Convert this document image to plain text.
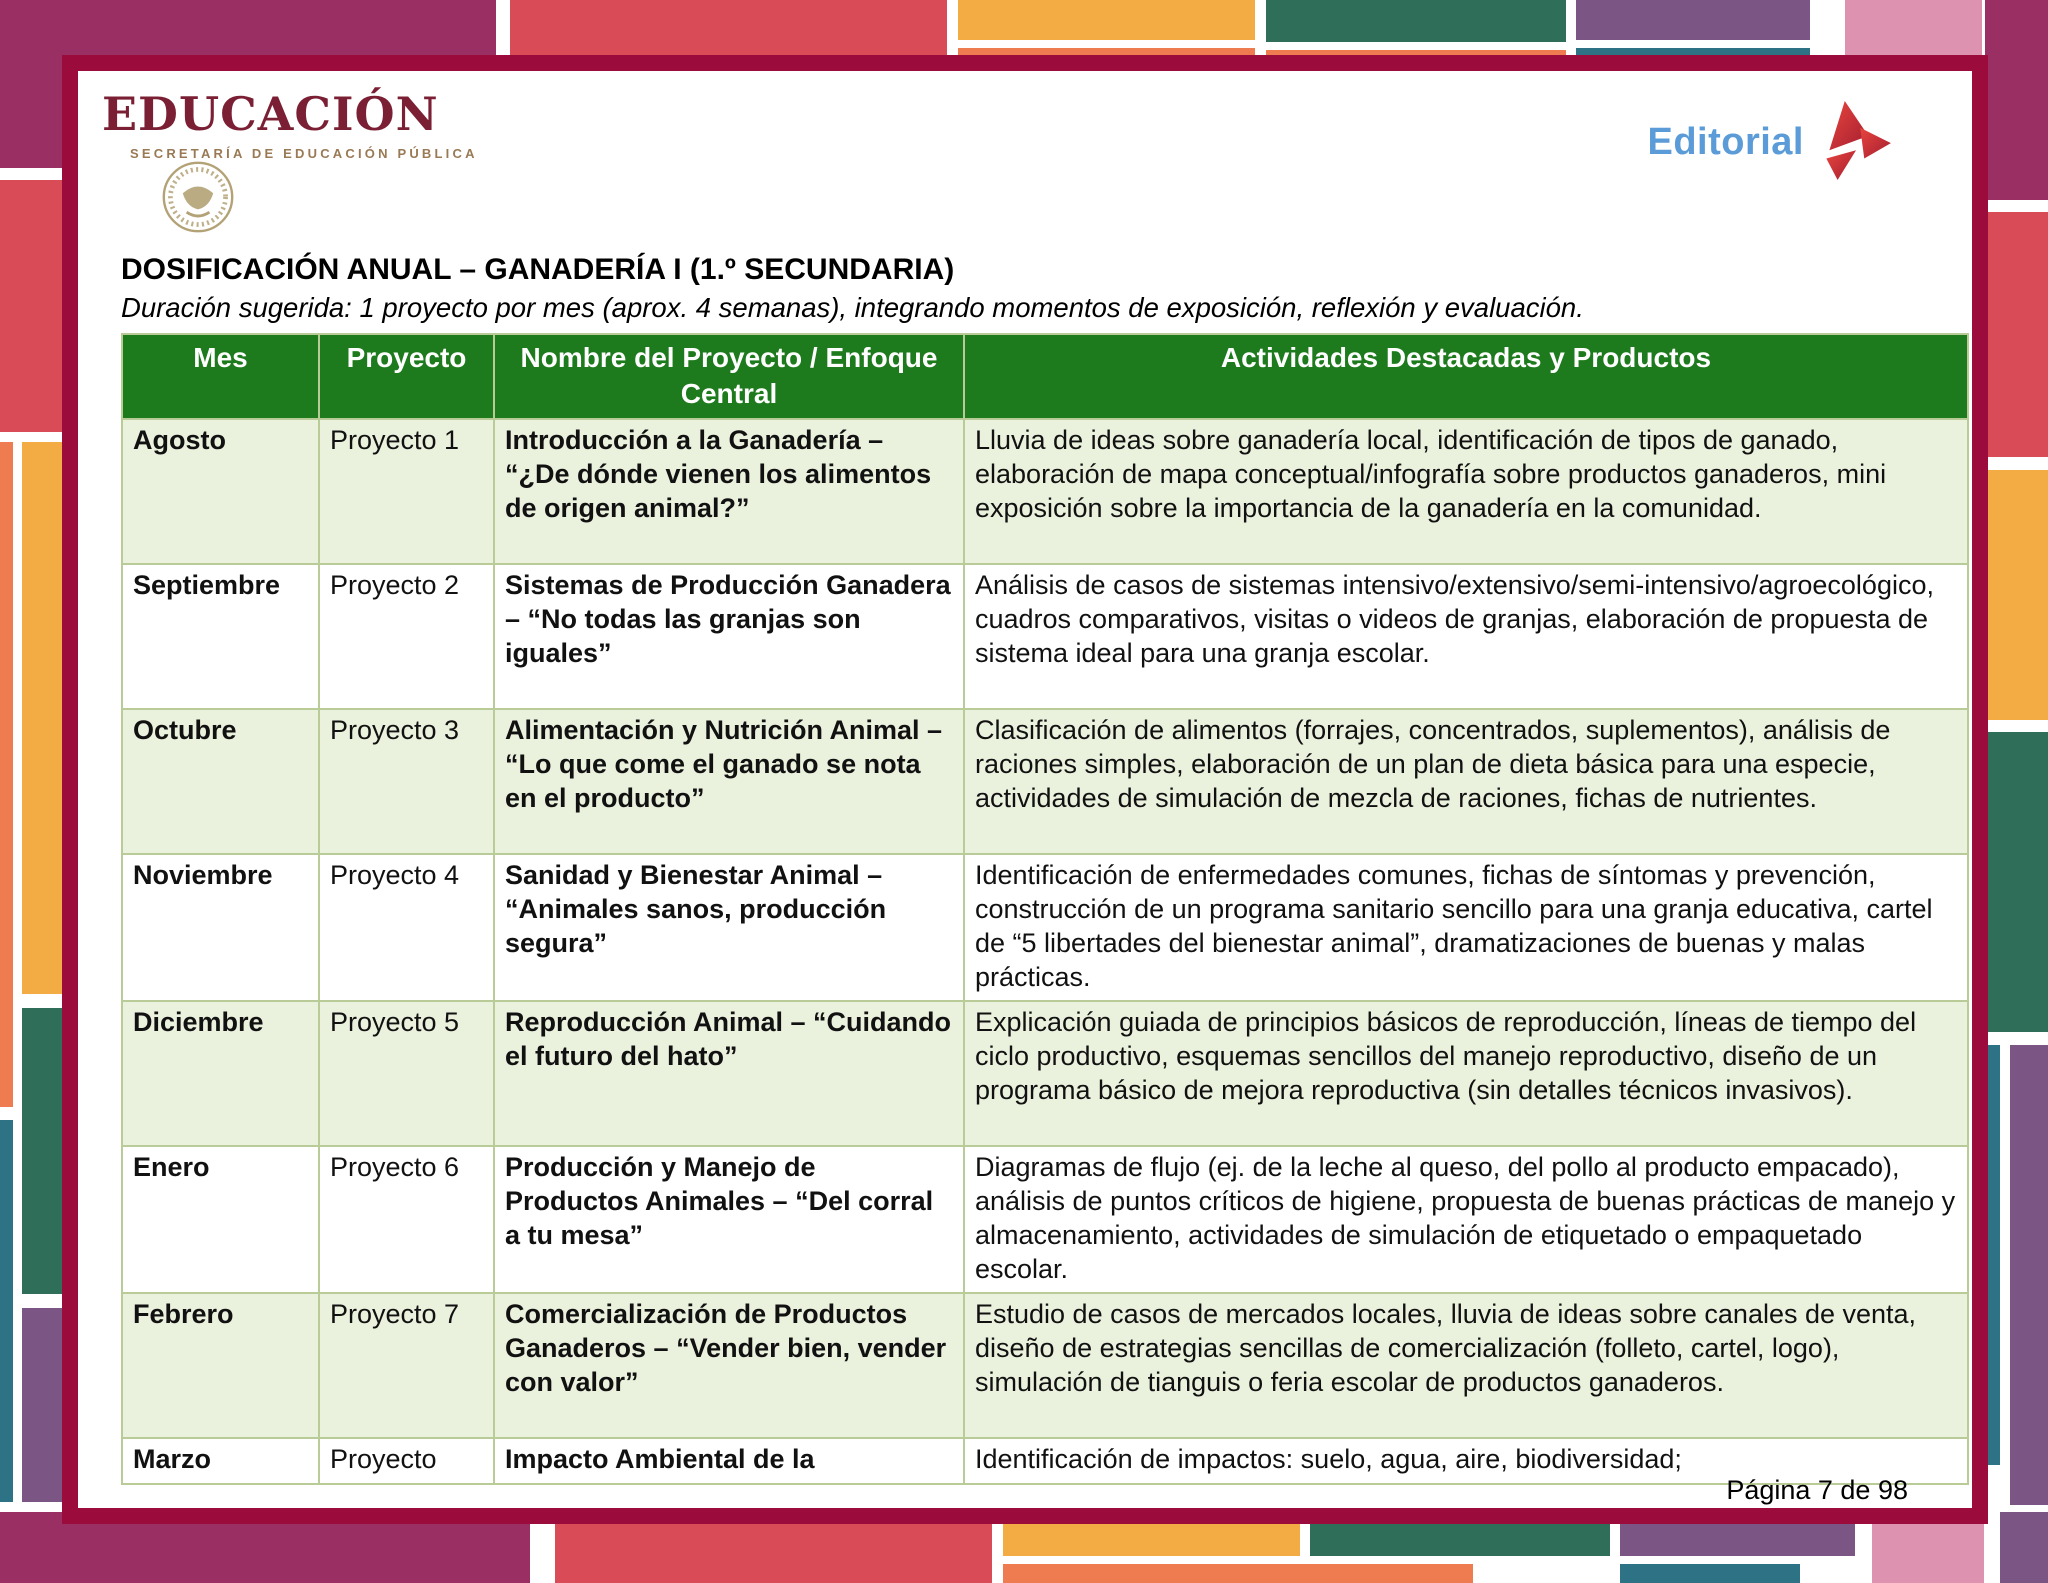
EDUCACIÓN
SECRETARÍA DE EDUCACIÓN PÚBLICA	Editorial
DOSIFICACIÓN ANUAL – GANADERÍA I (1.º SECUNDARIA)
Duración sugerida: 1 proyecto por mes (aprox. 4 semanas), integrando momentos de exposición, reflexión y evaluación.
Mes	Proyecto	Nombre del Proyecto / Enfoque Central	Actividades Destacadas y Productos
Agosto	Proyecto 1	Introducción a la Ganadería – “¿De dónde vienen los alimentos de origen animal?”	Lluvia de ideas sobre ganadería local, identificación de tipos de ganado, elaboración de mapa conceptual/infografía sobre productos ganaderos, mini exposición sobre la importancia de la ganadería en la comunidad.
Septiembre	Proyecto 2	Sistemas de Producción Ganadera – “No todas las granjas son iguales”	Análisis de casos de sistemas intensivo/extensivo/semi-intensivo/agroecológico, cuadros comparativos, visitas o videos de granjas, elaboración de propuesta de sistema ideal para una granja escolar.
Octubre	Proyecto 3	Alimentación y Nutrición Animal – “Lo que come el ganado se nota en el producto”	Clasificación de alimentos (forrajes, concentrados, suplementos), análisis de raciones simples, elaboración de un plan de dieta básica para una especie, actividades de simulación de mezcla de raciones, fichas de nutrientes.
Noviembre	Proyecto 4	Sanidad y Bienestar Animal – “Animales sanos, producción segura”	Identificación de enfermedades comunes, fichas de síntomas y prevención, construcción de un programa sanitario sencillo para una granja educativa, cartel de “5 libertades del bienestar animal”, dramatizaciones de buenas y malas prácticas.
Diciembre	Proyecto 5	Reproducción Animal – “Cuidando el futuro del hato”	Explicación guiada de principios básicos de reproducción, líneas de tiempo del ciclo productivo, esquemas sencillos del manejo reproductivo, diseño de un programa básico de mejora reproductiva (sin detalles técnicos invasivos).
Enero	Proyecto 6	Producción y Manejo de Productos Animales – “Del corral a tu mesa”	Diagramas de flujo (ej. de la leche al queso, del pollo al producto empacado), análisis de puntos críticos de higiene, propuesta de buenas prácticas de manejo y almacenamiento, actividades de simulación de etiquetado o empaquetado escolar.
Febrero	Proyecto 7	Comercialización de Productos Ganaderos – “Vender bien, vender con valor”	Estudio de casos de mercados locales, lluvia de ideas sobre canales de venta, diseño de estrategias sencillas de comercialización (folleto, cartel, logo), simulación de tianguis o feria escolar de productos ganaderos.
Marzo	Proyecto	Impacto Ambiental de la	Identificación de impactos: suelo, agua, aire, biodiversidad;
Página 7 de 98
